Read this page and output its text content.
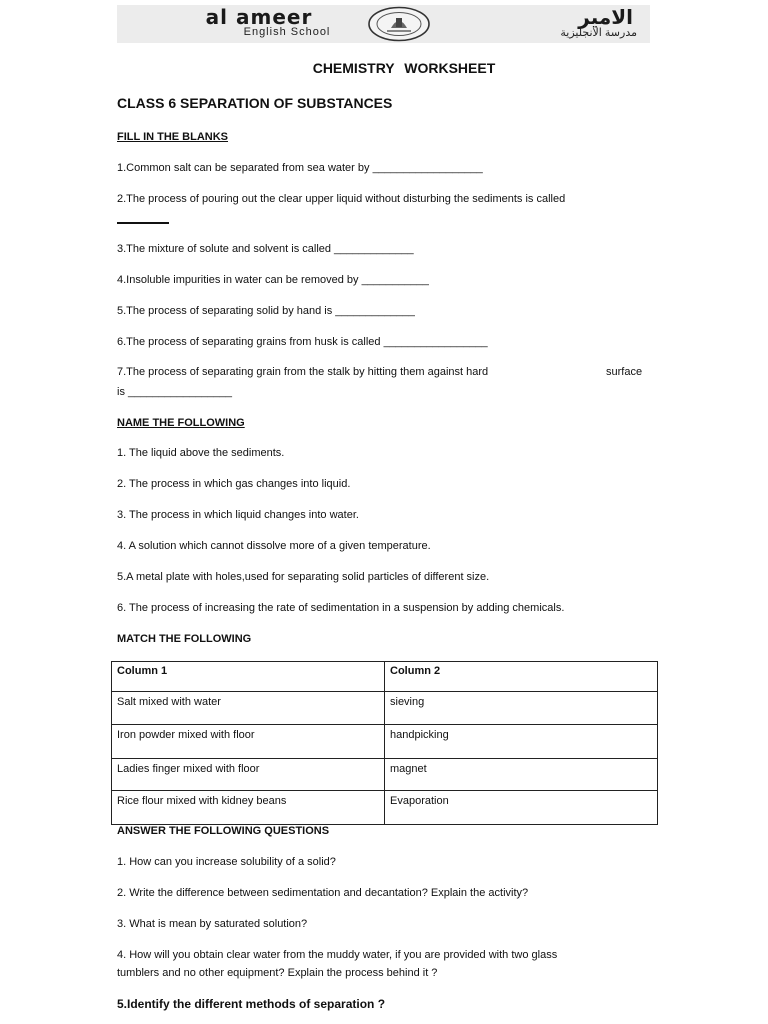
al ameer
English School
الامير
مدرسة الانجليزية
CHEMISTRY WORKSHEET
CLASS 6 SEPARATION OF SUBSTANCES
FILL IN THE BLANKS
1.Common salt can be separated from sea water by __________________
2.The process of pouring out the clear upper liquid without disturbing the sediments is called
3.The mixture of solute and solvent is called _____________
4.Insoluble impurities in water can be removed by ___________
5.The process of separating solid by hand is _____________
6.The process of separating grains from husk is called _________________
7.The process of separating grain from the stalk by hitting them against hard	surface
is _________________
NAME THE FOLLOWING
1. The liquid above the sediments.
2. The process in which gas changes into liquid.
3. The process in which liquid changes into water.
4. A solution which cannot dissolve more of a given temperature.
5.A metal plate with holes,used for separating solid particles of different size.
6. The process of increasing the rate of sedimentation in a suspension by adding chemicals.
MATCH THE FOLLOWING
Column 1	Column 2
Salt mixed with water	sieving
Iron powder mixed with floor	handpicking
Ladies finger mixed with floor	magnet
Rice flour mixed with kidney beans	Evaporation
ANSWER THE FOLLOWING QUESTIONS
1. How can you increase solubility of a solid?
2. Write the difference between sedimentation and decantation? Explain the activity?
3. What is mean by saturated solution?
4. How will you obtain clear water from the muddy water, if you are provided with two glass
tumblers and no other equipment? Explain the process behind it ?
5.Identify the different methods of separation ?
